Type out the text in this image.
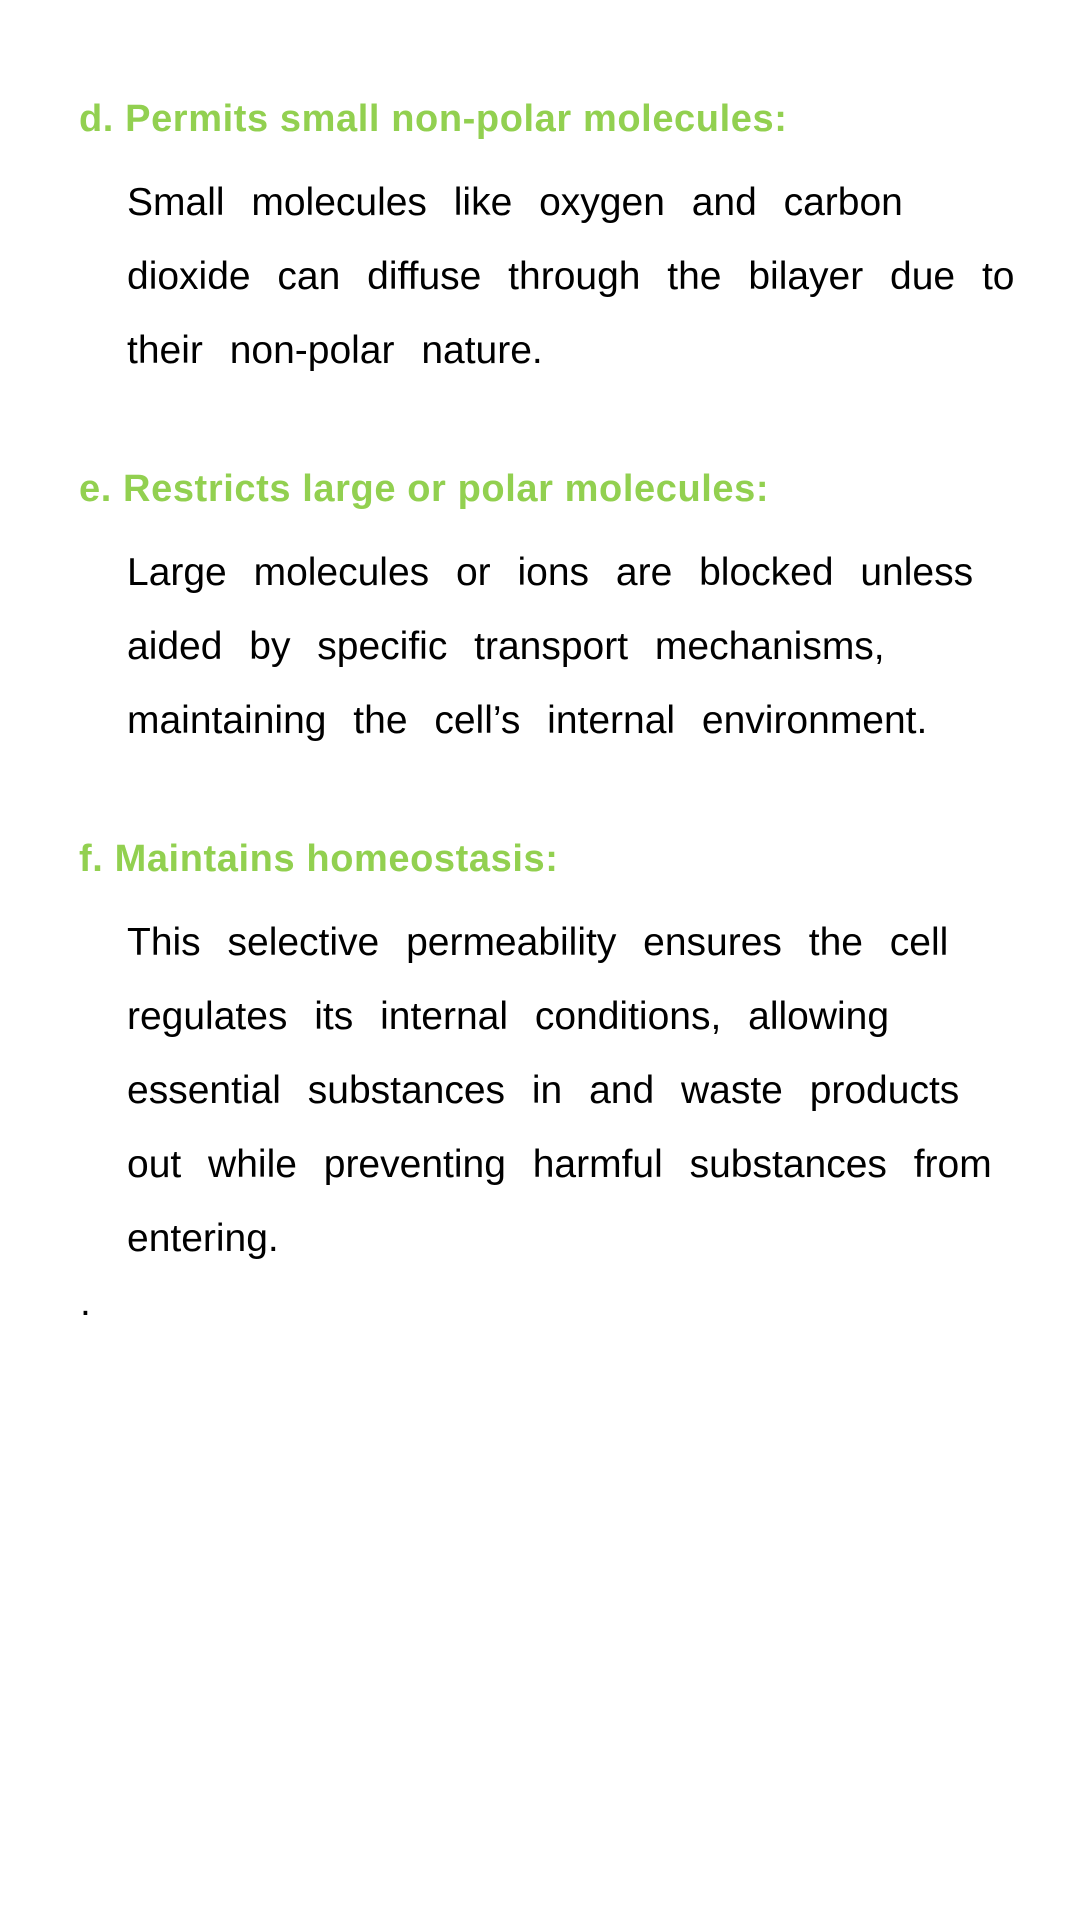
d. Permits small non-polar molecules:

Small molecules like oxygen and carbon
dioxide can diffuse through the bilayer due to
their non-polar nature.

e. Restricts large or polar molecules:

Large molecules or ions are blocked unless
aided by specific transport mechanisms,
maintaining the cell’s internal environment.

f. Maintains homeostasis:

This selective permeability ensures the cell
regulates its internal conditions, allowing
essential substances in and waste products
out while preventing harmful substances from
entering.
.
